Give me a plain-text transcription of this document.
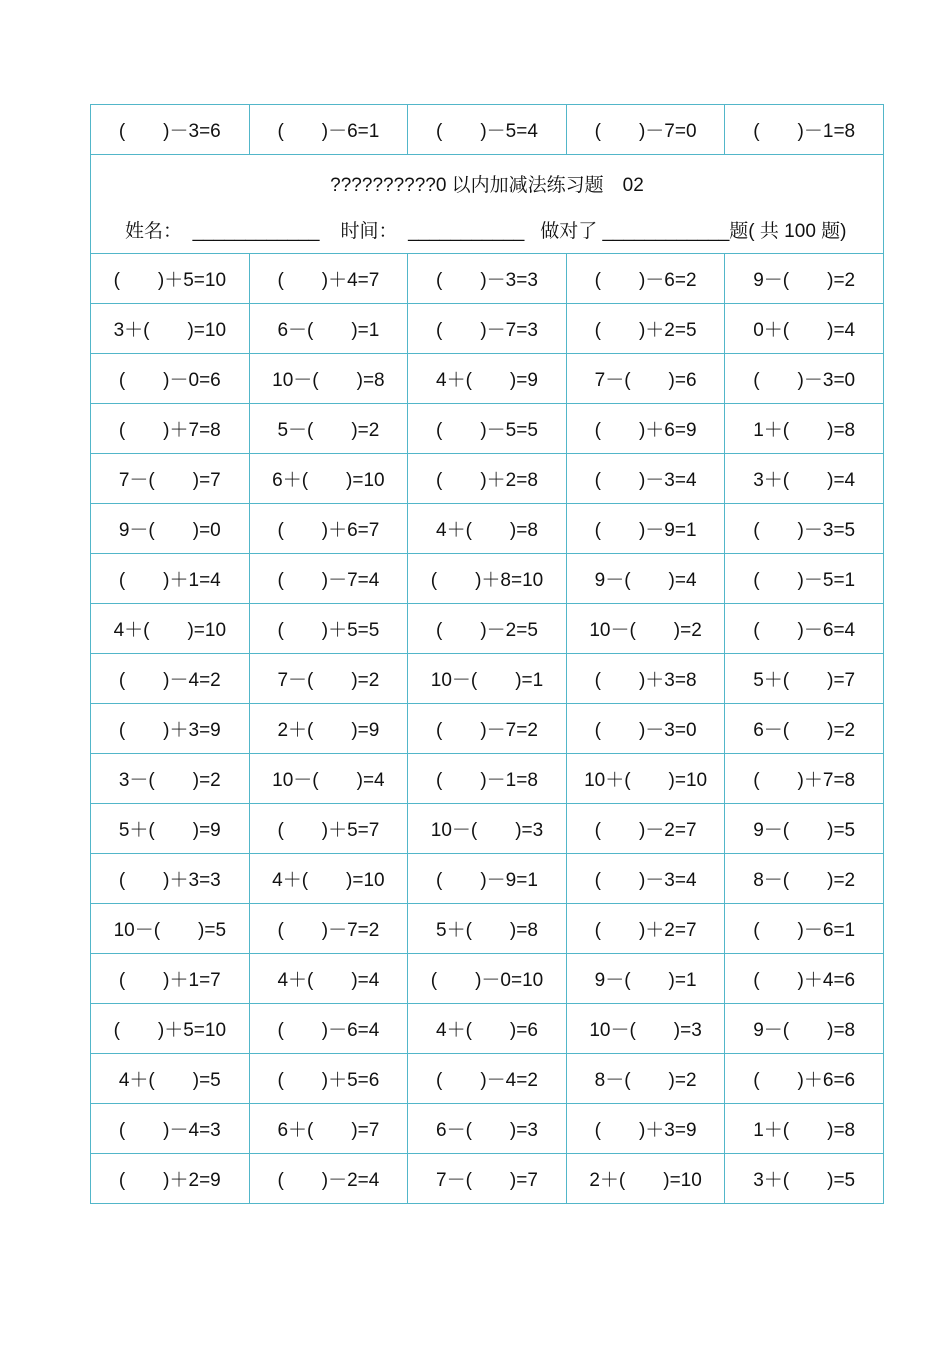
(　　)－3=6	(　　)－6=1	(　　)－5=4	(　　)－7=0	(　　)－1=8

??????????0 以内加减法练习题　02
姓名： ____________ 时间： ___________ 做对了 ____________题( 共 100 题)				

(　　)＋5=10	(　　)＋4=7	(　　)－3=3	(　　)－6=2	9－(　　)=2
3＋(　　)=10	6－(　　)=1	(　　)－7=3	(　　)＋2=5	0＋(　　)=4
(　　)－0=6	10－(　　)=8	4＋(　　)=9	7－(　　)=6	(　　)－3=0
(　　)＋7=8	5－(　　)=2	(　　)－5=5	(　　)＋6=9	1＋(　　)=8
7－(　　)=7	6＋(　　)=10	(　　)＋2=8	(　　)－3=4	3＋(　　)=4
9－(　　)=0	(　　)＋6=7	4＋(　　)=8	(　　)－9=1	(　　)－3=5
(　　)＋1=4	(　　)－7=4	(　　)＋8=10	9－(　　)=4	(　　)－5=1
4＋(　　)=10	(　　)＋5=5	(　　)－2=5	10－(　　)=2	(　　)－6=4
(　　)－4=2	7－(　　)=2	10－(　　)=1	(　　)＋3=8	5＋(　　)=7
(　　)＋3=9	2＋(　　)=9	(　　)－7=2	(　　)－3=0	6－(　　)=2
3－(　　)=2	10－(　　)=4	(　　)－1=8	10＋(　　)=10	(　　)＋7=8
5＋(　　)=9	(　　)＋5=7	10－(　　)=3	(　　)－2=7	9－(　　)=5
(　　)＋3=3	4＋(　　)=10	(　　)－9=1	(　　)－3=4	8－(　　)=2
10－(　　)=5	(　　)－7=2	5＋(　　)=8	(　　)＋2=7	(　　)－6=1
(　　)＋1=7	4＋(　　)=4	(　　)－0=10	9－(　　)=1	(　　)＋4=6
(　　)＋5=10	(　　)－6=4	4＋(　　)=6	10－(　　)=3	9－(　　)=8
4＋(　　)=5	(　　)＋5=6	(　　)－4=2	8－(　　)=2	(　　)＋6=6
(　　)－4=3	6＋(　　)=7	6－(　　)=3	(　　)＋3=9	1＋(　　)=8
(　　)＋2=9	(　　)－2=4	7－(　　)=7	2＋(　　)=10	3＋(　　)=5
